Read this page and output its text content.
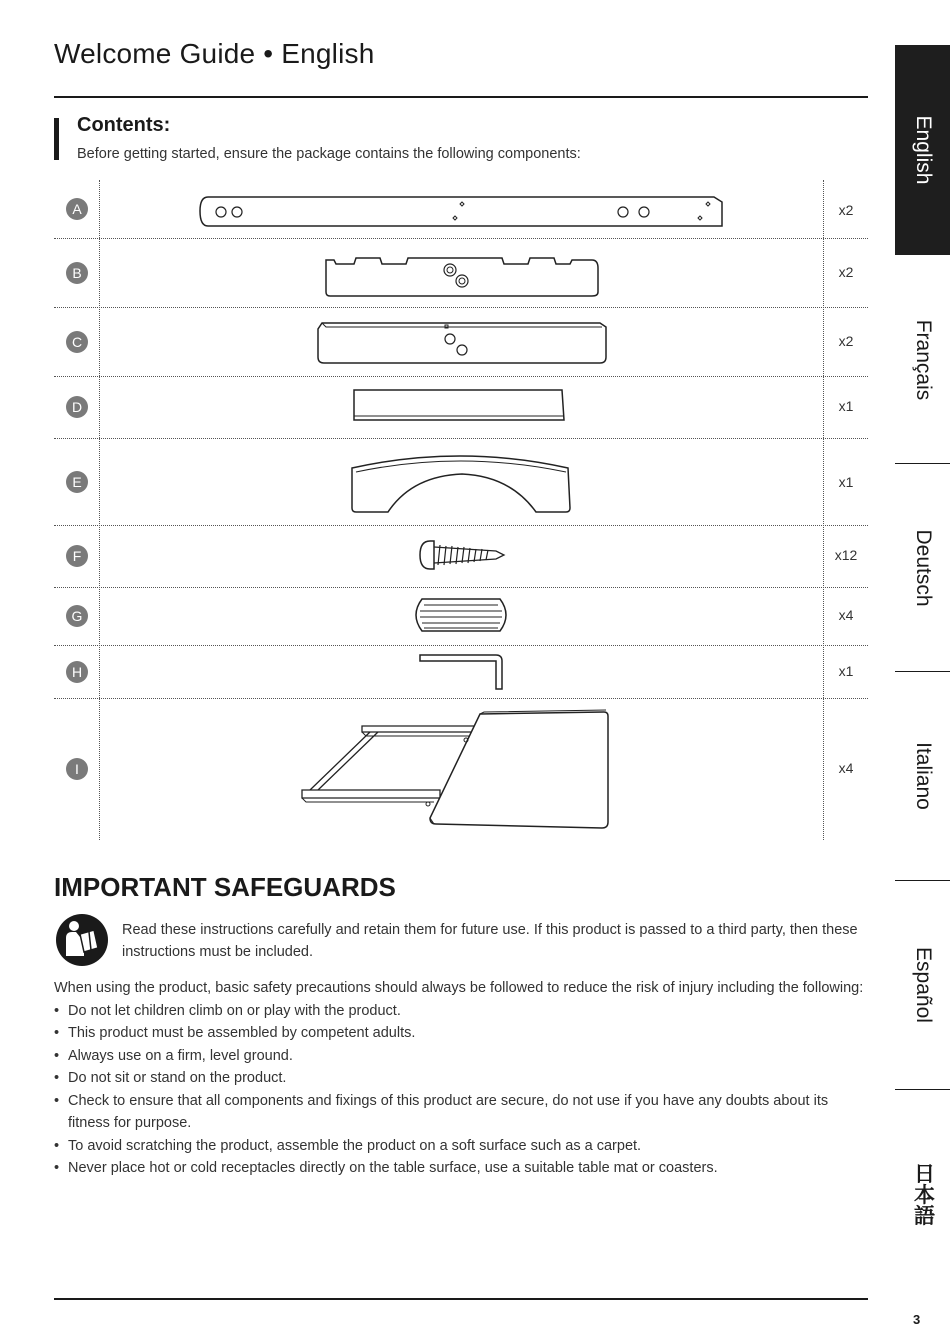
Welcome Guide • English
Contents:
Before getting started, ensure the package contains the following components:
A	x2
B	x2
C	x2
D	x1
E	x1
F	x12
G	x4
H	x1
I	x4
IMPORTANT SAFEGUARDS
Read these instructions carefully and retain them for future use. If this product is passed to a third party, then these instructions must be included.
When using the product, basic safety precautions should always be followed to reduce the risk of injury including the following:
• Do not let children climb on or play with the product.
• This product must be assembled by competent adults.
• Always use on a firm, level ground.
• Do not sit or stand on the product.
• Check to ensure that all components and fixings of this product are secure, do not use if you have any doubts about its fitness for purpose.
• To avoid scratching the product, assemble the product on a soft surface such as a carpet.
• Never place hot or cold receptacles directly on the table surface, use a suitable table mat or coasters.
3
English
Français
Deutsch
Italiano
Español
日本語
